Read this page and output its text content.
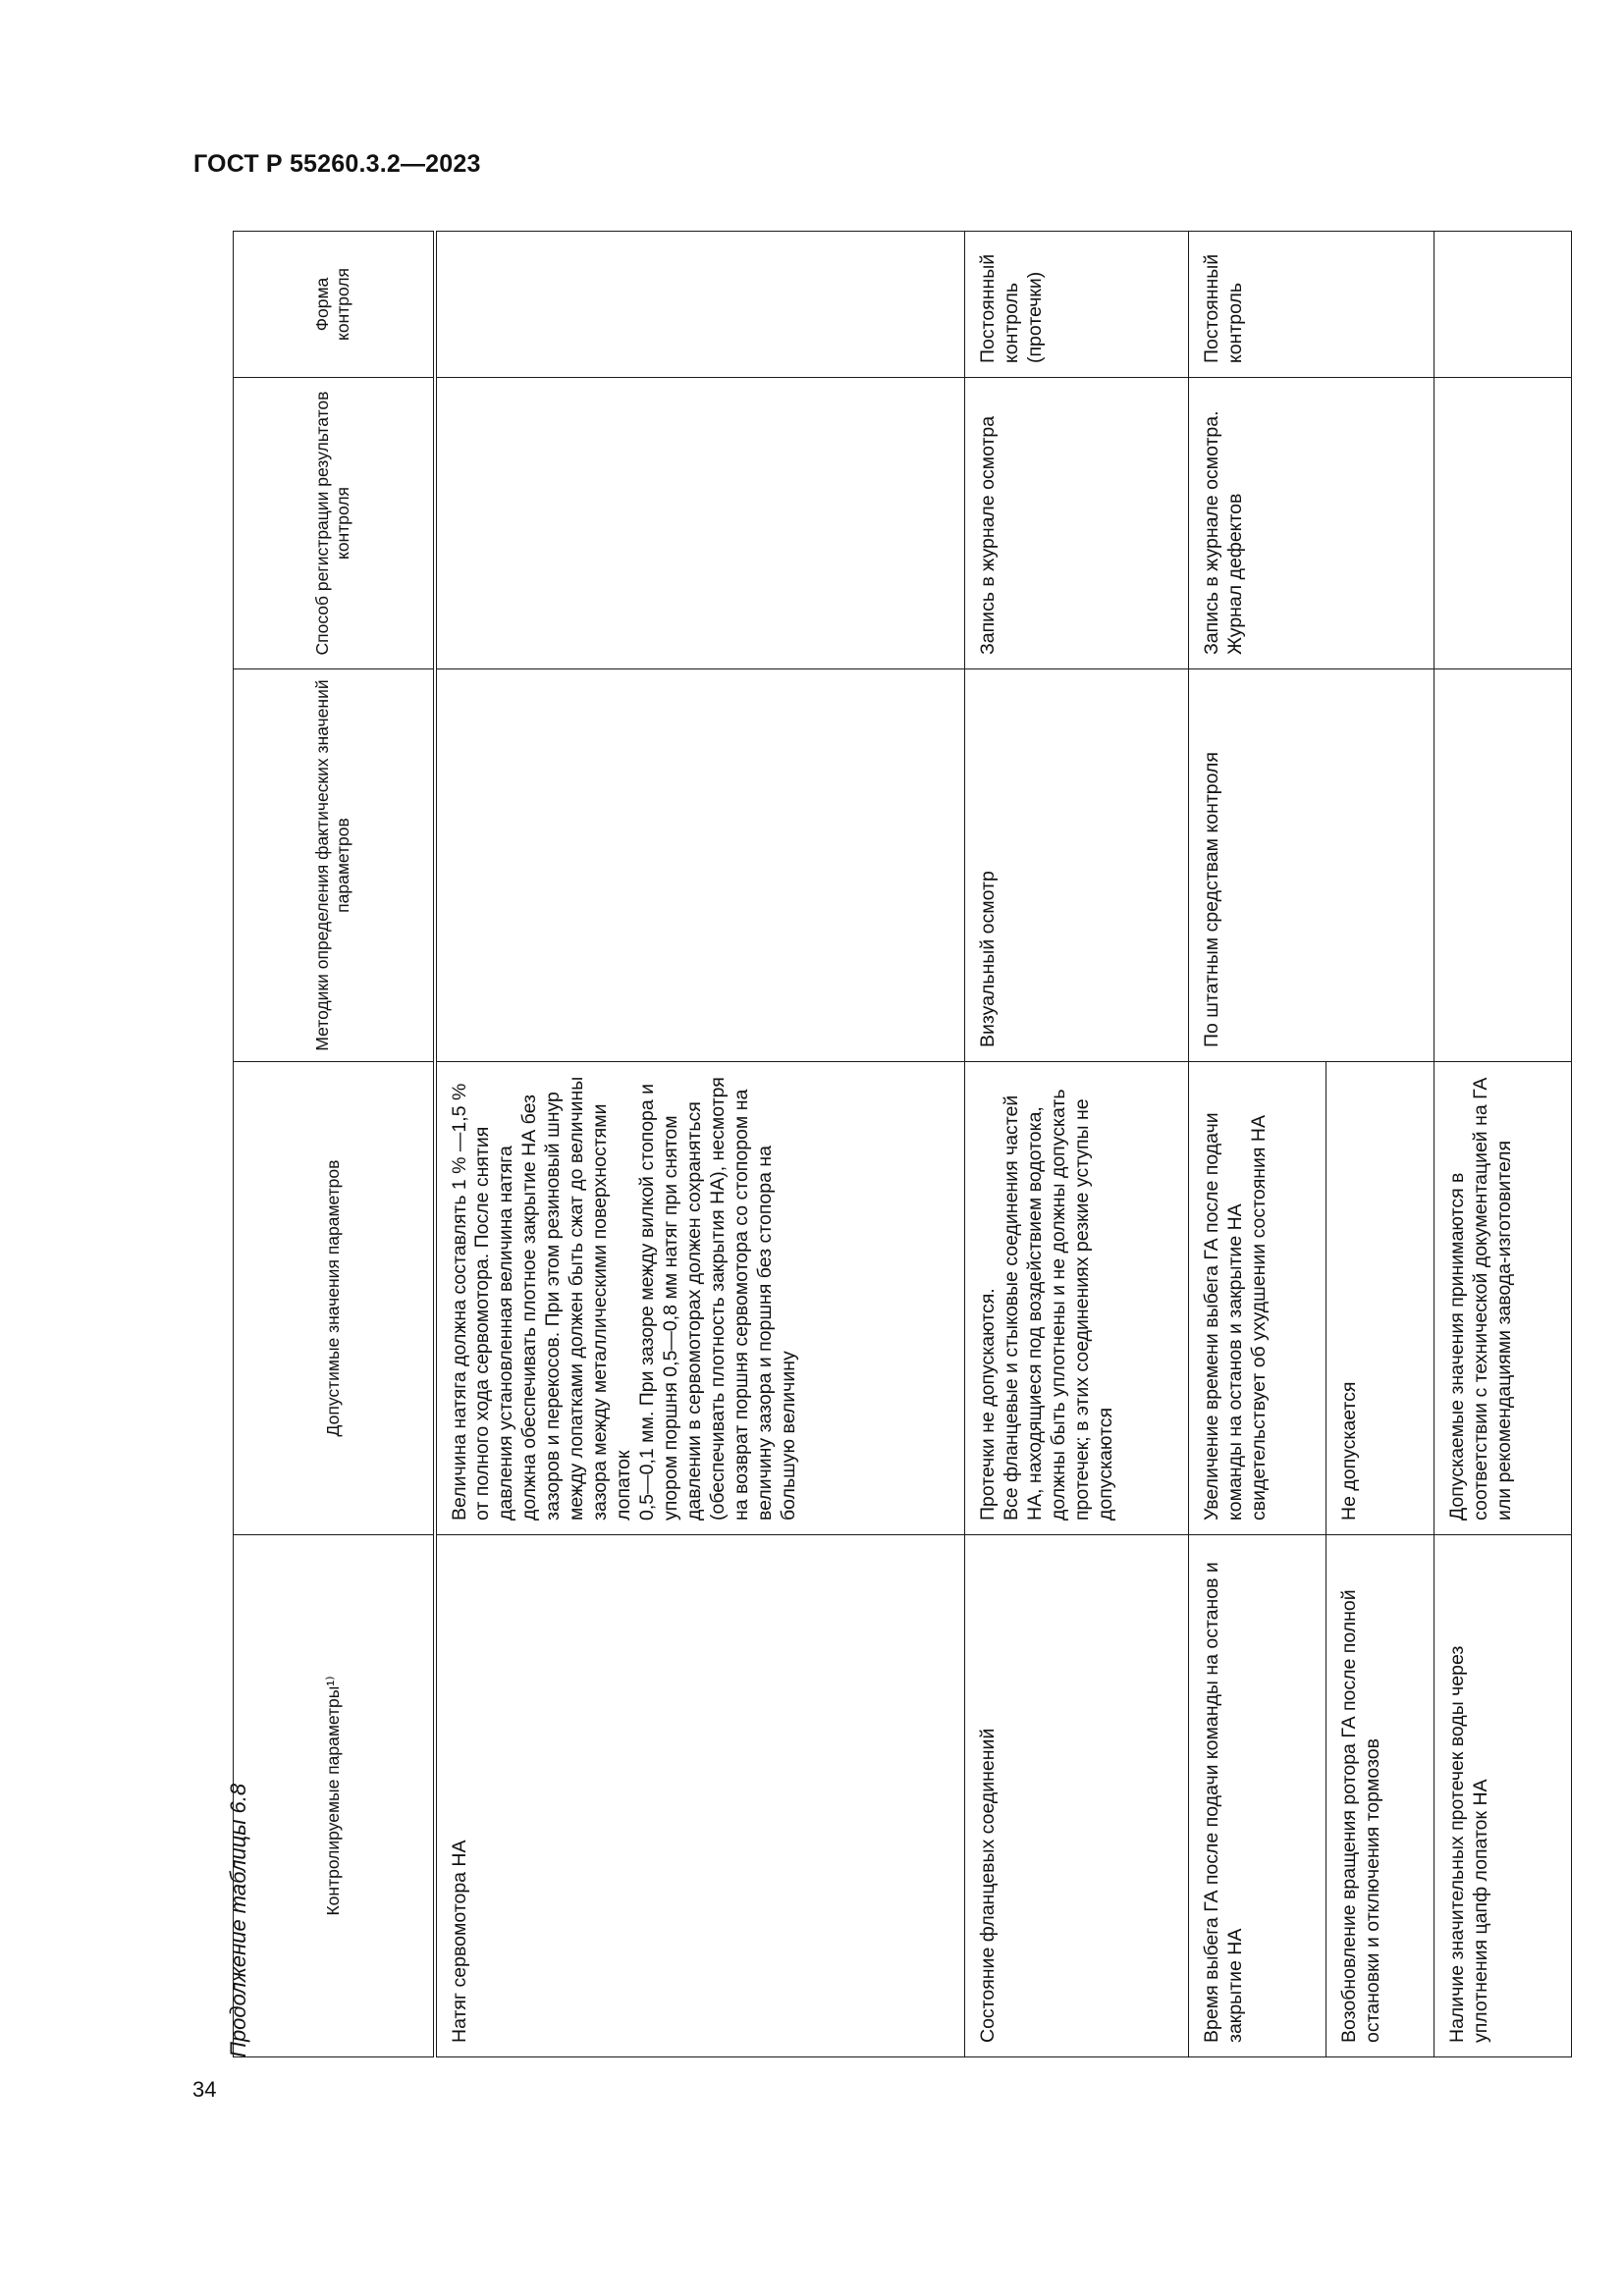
ГОСТ Р 55260.3.2—2023
34
Продолжение таблицы 6.8	Контролируемые параметры¹⁾	Допустимые значения параметров	Методики определения фактических значений параметров	Способ регистрации результатов контроля	Форма контроля
Натяг сервомотора НА	Величина натяга должна составлять 1 % —1,5 % от полного хода сервомотора. После снятия давления установленная величина натяга должна обеспечивать плотное закрытие НА без зазоров и перекосов. При этом резиновый шнур между лопатками должен быть сжат до величины зазора между металлическими поверхностями лопаток 0,5—0,1 мм. При зазоре между вилкой стопора и упором поршня 0,5—0,8 мм натяг при снятом давлении в сервомоторах должен сохраняться (обеспечивать плотность закрытия НА), несмотря на возврат поршня сервомотора со стопором на величину зазора и поршня без стопора на большую величину			

Состояние фланцевых соединений	Протечки не допускаются. Все фланцевые и стыковые соединения частей НА, находящиеся под воздействием водотока, должны быть уплотнены и не должны допускать протечек; в этих соединениях резкие уступы не допускаются	Визуальный осмотр	Запись в журнале осмотра	Постоянный контроль (протечки)
Время выбега ГА после подачи команды на останов и закрытие НА	Увеличение времени выбега ГА после подачи команды на останов и закрытие НА свидетельствует об ухудшении состояния НА	По штатным средствам контроля	Запись в журнале осмотра. Журнал дефектов	Постоянный контроль
Возобновление вращения ротора ГА после полной остановки и отключения тормозов	Не допускается			
Наличие значительных протечек воды через уплотнения цапф лопаток НА	Допускаемые значения принимаются в соответствии с технической документацией на ГА или рекомендациями завода-изготовителя			
